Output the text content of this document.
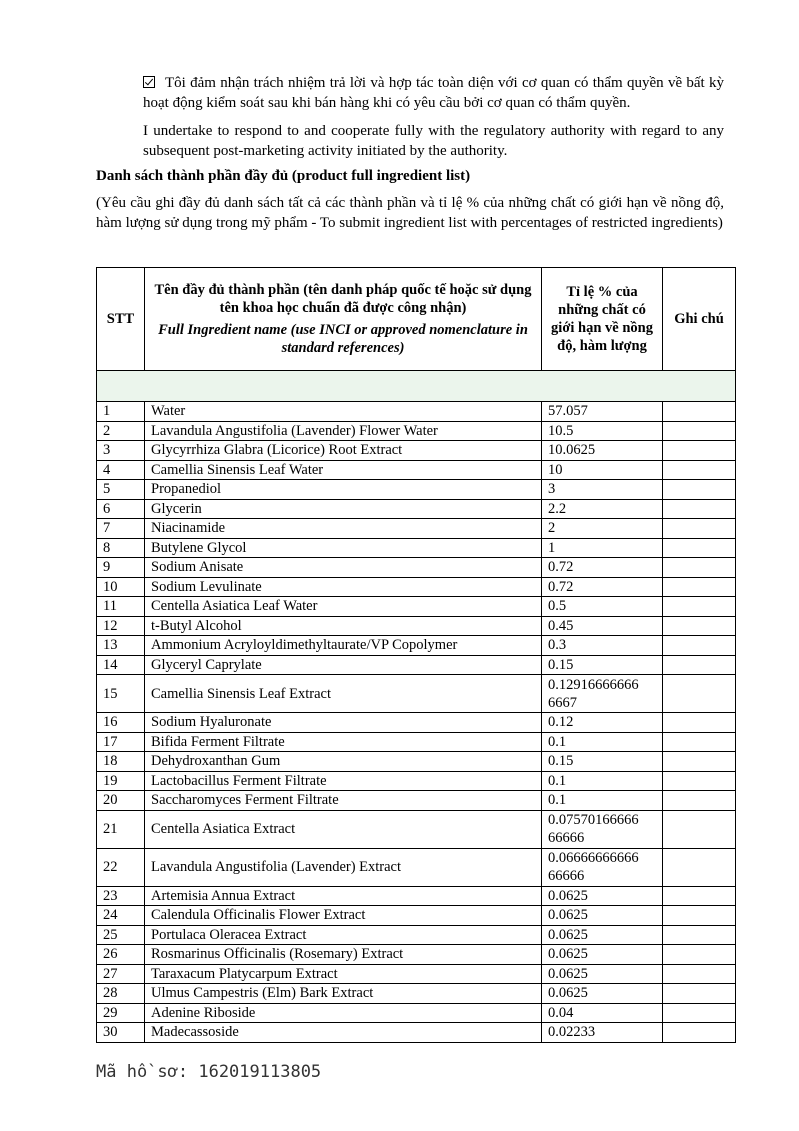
Tôi đảm nhận trách nhiệm trả lời và hợp tác toàn diện với cơ quan có thẩm quyền về bất kỳ hoạt động kiểm soát sau khi bán hàng khi có yêu cầu bởi cơ quan có thẩm quyền.
I undertake to respond to and cooperate fully with the regulatory authority with regard to any subsequent post-marketing activity initiated by the authority.
Danh sách thành phần đầy đủ (product full ingredient list)
(Yêu cầu ghi đầy đủ danh sách tất cả các thành phần và tỉ lệ % của những chất có giới hạn về nồng độ, hàm lượng sử dụng trong mỹ phẩm - To submit ingredient list with percentages of restricted ingredients)
STT	Tên đầy đủ thành phần (tên danh pháp quốc tế hoặc sử dụng tên khoa học chuẩn đã được công nhận)
Full Ingredient name (use INCI or approved nomenclature in standard references)	Tỉ lệ % của những chất có giới hạn về nồng độ, hàm lượng	Ghi chú

1	Water	57.057	
2	Lavandula Angustifolia (Lavender) Flower Water	10.5	
3	Glycyrrhiza Glabra (Licorice) Root Extract	10.0625	
4	Camellia Sinensis Leaf Water	10	
5	Propanediol	3	
6	Glycerin	2.2	
7	Niacinamide	2	
8	Butylene Glycol	1	
9	Sodium Anisate	0.72	
10	Sodium Levulinate	0.72	
11	Centella Asiatica Leaf Water	0.5	
12	t-Butyl Alcohol	0.45	
13	Ammonium Acryloyldimethyltaurate/VP Copolymer	0.3	
14	Glyceryl Caprylate	0.15	
15	Camellia Sinensis Leaf Extract	0.12916666666
6667	

16	Sodium Hyaluronate	0.12	
17	Bifida Ferment Filtrate	0.1	
18	Dehydroxanthan Gum	0.15	
19	Lactobacillus Ferment Filtrate	0.1	
20	Saccharomyces Ferment Filtrate	0.1	
21	Centella Asiatica Extract	0.07570166666
66666	

22	Lavandula Angustifolia (Lavender) Extract	0.06666666666
66666	

23	Artemisia Annua Extract	0.0625	
24	Calendula Officinalis Flower Extract	0.0625	
25	Portulaca Oleracea Extract	0.0625	
26	Rosmarinus Officinalis (Rosemary) Extract	0.0625	
27	Taraxacum Platycarpum Extract	0.0625	
28	Ulmus Campestris (Elm) Bark Extract	0.0625	
29	Adenine Riboside	0.04	
30	Madecassoside	0.02233	
Mã hồ sơ: 162019113805
